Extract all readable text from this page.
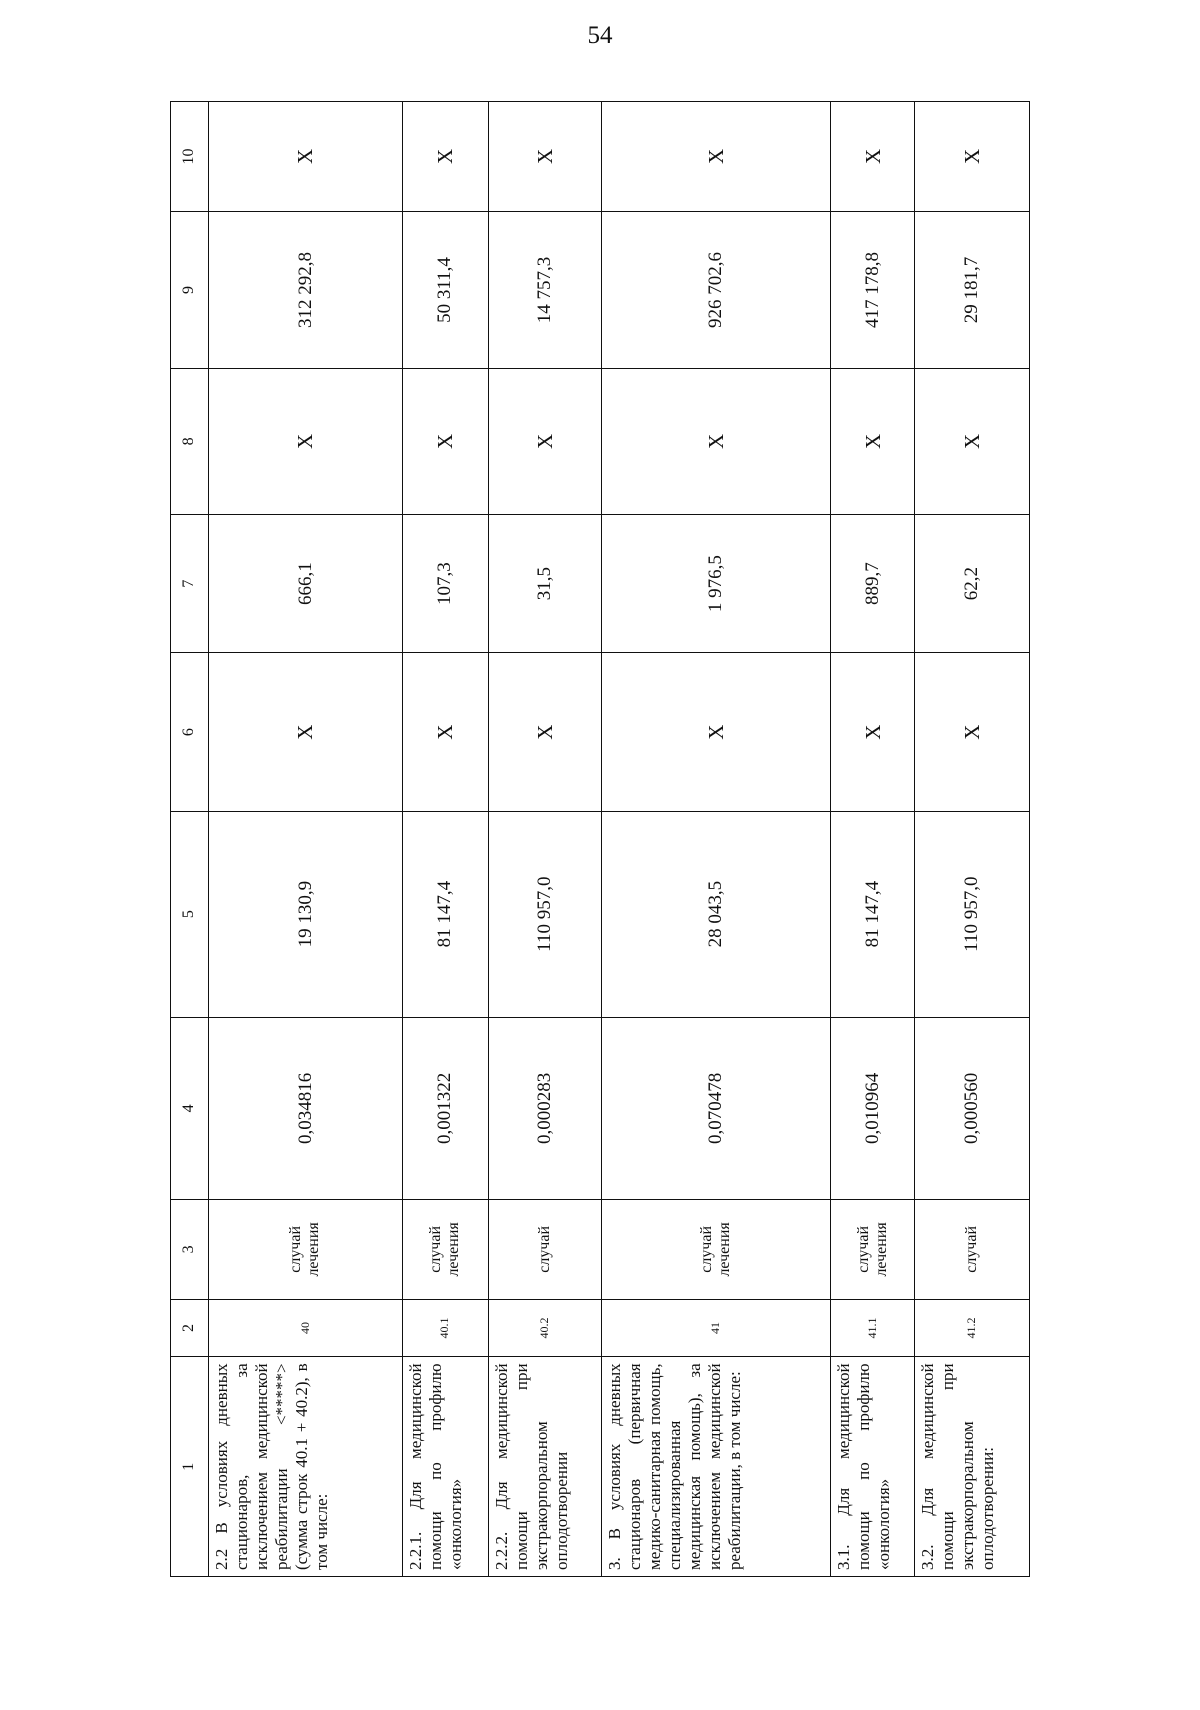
54
1	2	3	4	5	6	7	8	9	10
2.2 В условиях дневных стационаров, за исключением медицинской реабилитации <*****> (сумма строк 40.1 + 40.2), в том числе:	40	случай лечения	0,034816	19 130,9	Х	666,1	Х	312 292,8	Х
2.2.1. Для медицинской помощи по профилю «онкология»	40.1	случай лечения	0,001322	81 147,4	Х	107,3	Х	50 311,4	Х
2.2.2. Для медицинской помощи при экстракорпоральном оплодотворении	40.2	случай	0,000283	110 957,0	Х	31,5	Х	14 757,3	Х
3. В условиях дневных стационаров (первичная медико-санитарная помощь, специализированная медицинская помощь), за исключением медицинской реабилитации, в том числе:	41	случай лечения	0,070478	28 043,5	Х	1 976,5	Х	926 702,6	Х
3.1. Для медицинской помощи по профилю «онкология»	41.1	случай лечения	0,010964	81 147,4	Х	889,7	Х	417 178,8	Х
3.2. Для медицинской помощи при экстракорпоральном оплодотворении:	41.2	случай	0,000560	110 957,0	Х	62,2	Х	29 181,7	Х
